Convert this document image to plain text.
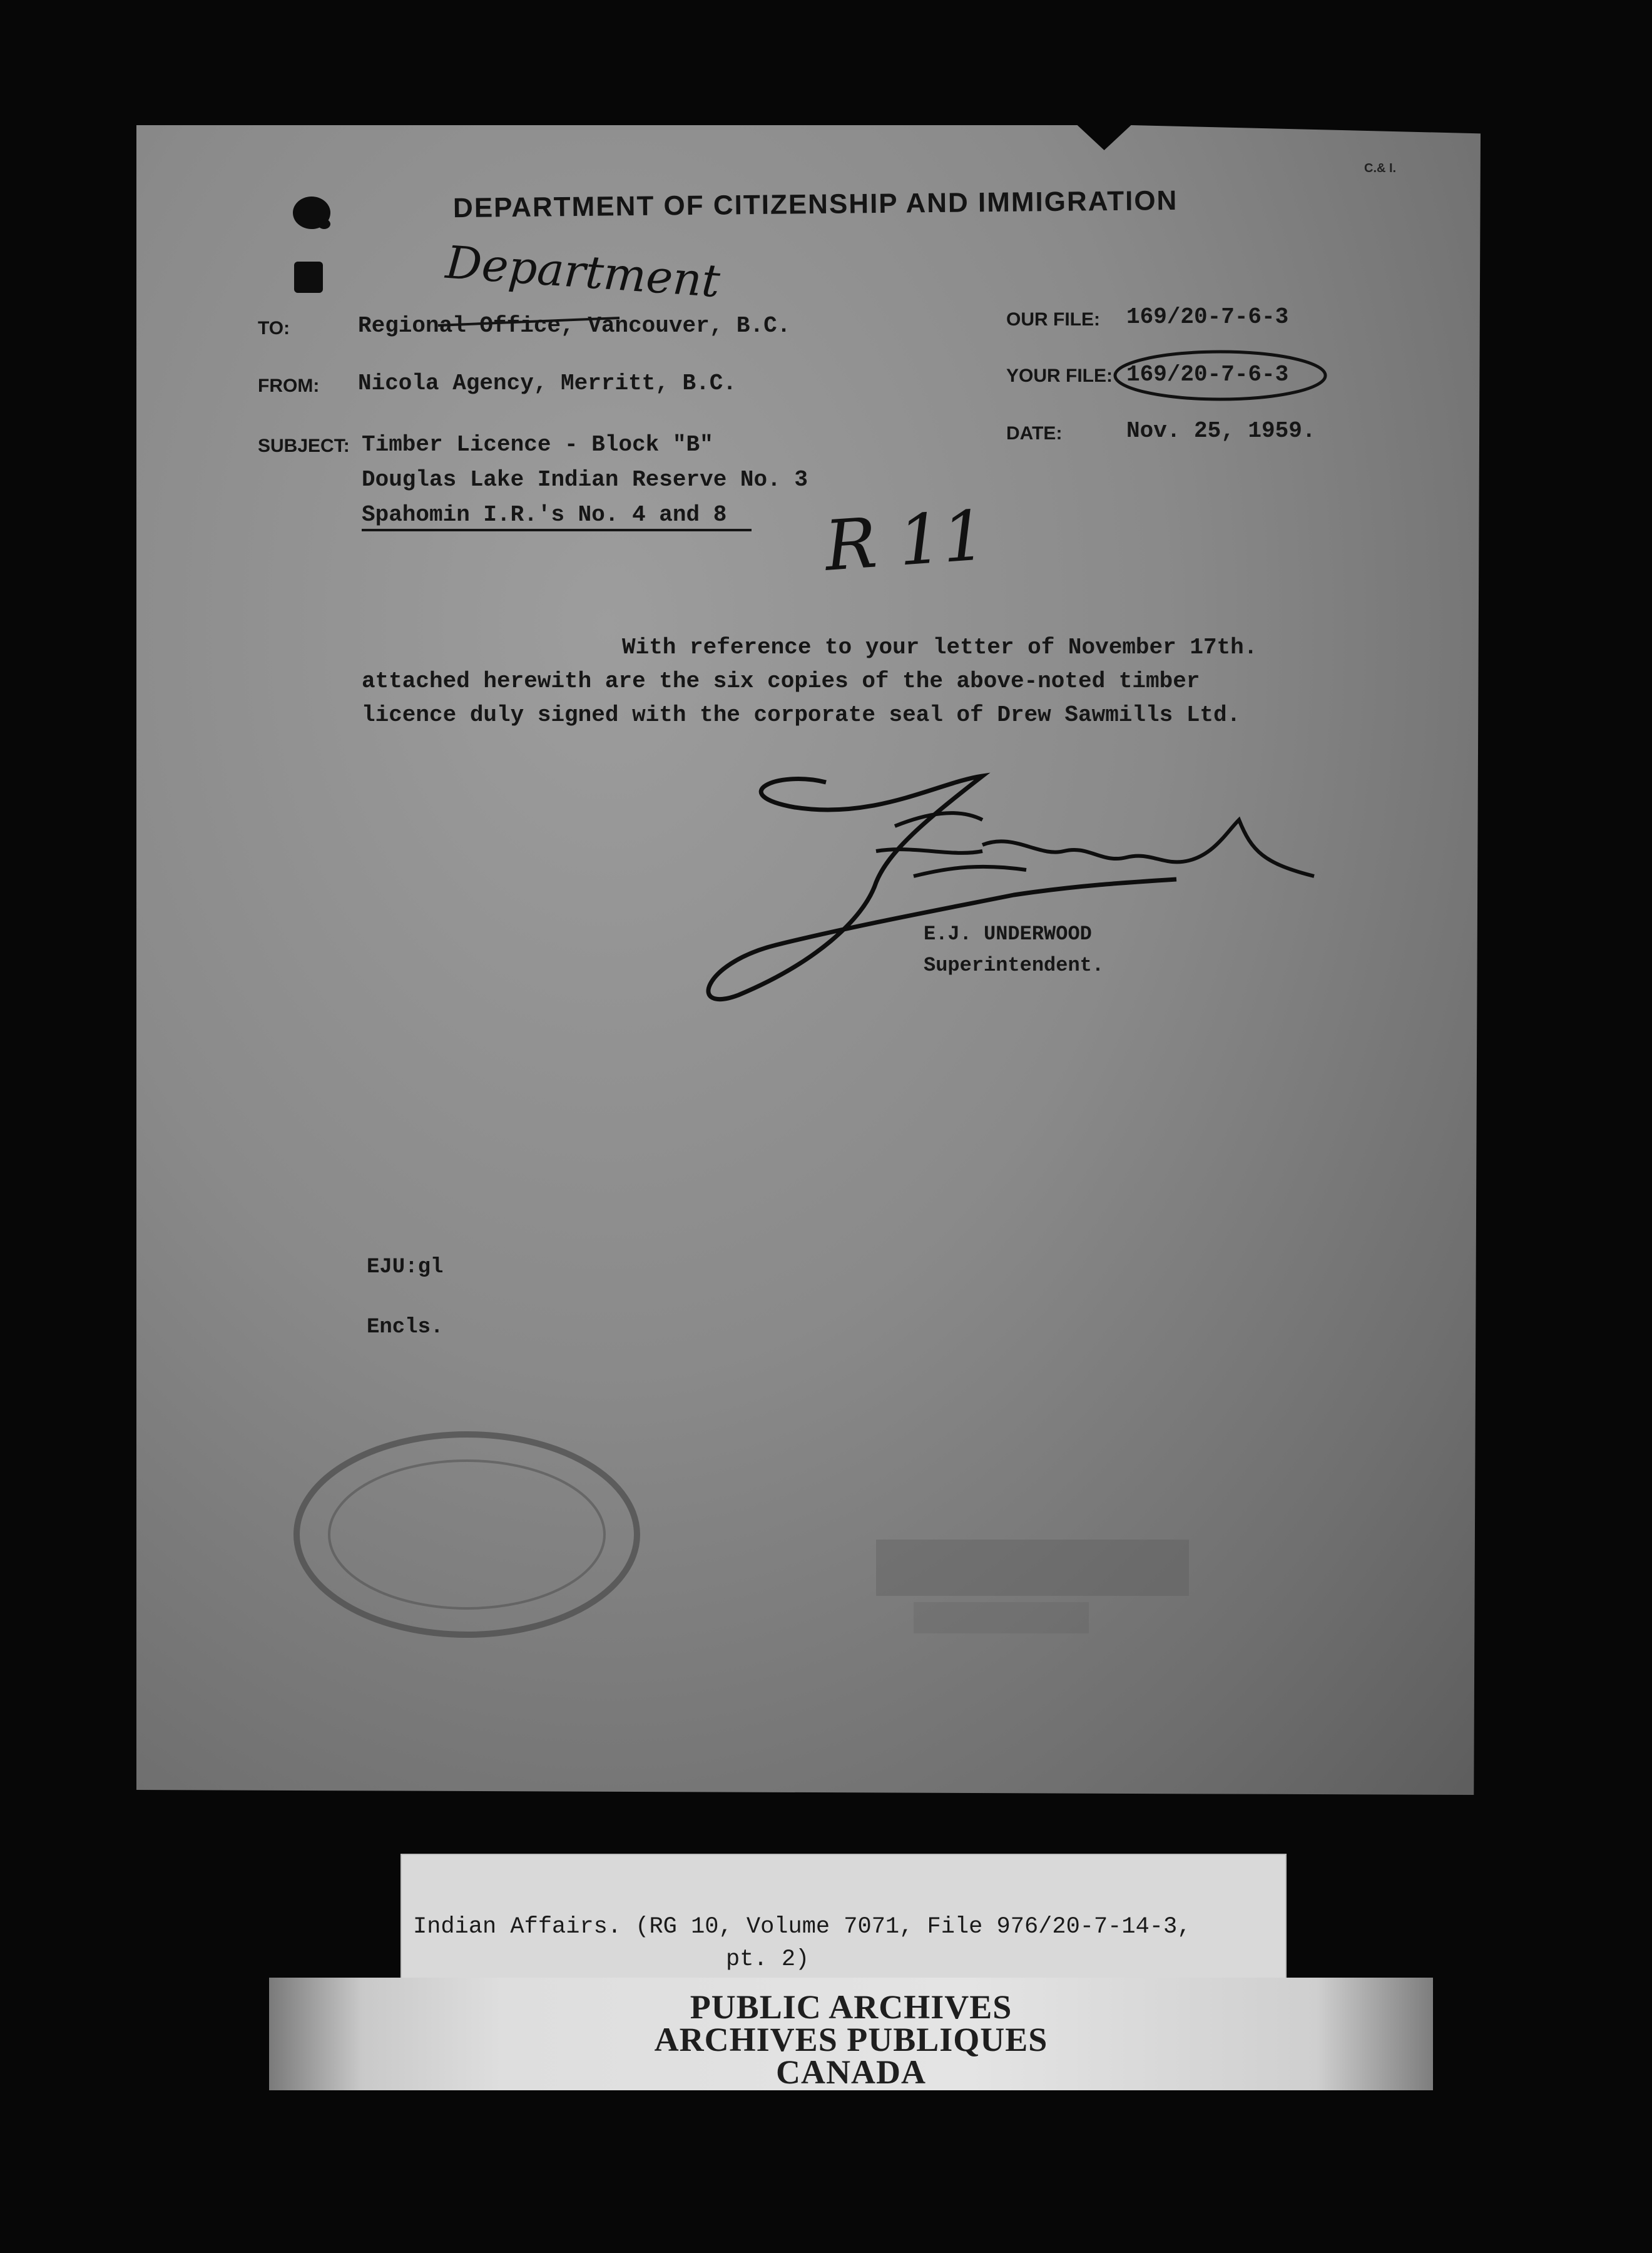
C.& I.
DEPARTMENT OF CITIZENSHIP AND IMMIGRATION
TO:	Regional Office, Vancouver, B.C.
Department
FROM: Nicola Agency, Merritt, B.C.
SUBJECT: Timber Licence - Block "B"
Douglas Lake Indian Reserve No. 3
Spahomin I.R.'s No. 4 and 8
OUR FILE: 169/20-7-6-3
YOUR FILE: 169/20-7-6-3
DATE:	Nov. 25, 1959.
R 11
With reference to your letter of November 17th.
attached herewith are the six copies of the above-noted timber
licence duly signed with the corporate seal of Drew Sawmills Ltd.
E.J. UNDERWOOD
Superintendent.
EJU:gl
Encls.
Indian Affairs. (RG 10, Volume 7071, File 976/20-7-14-3,
pt. 2)
PUBLIC ARCHIVES
ARCHIVES PUBLIQUES
CANADA
